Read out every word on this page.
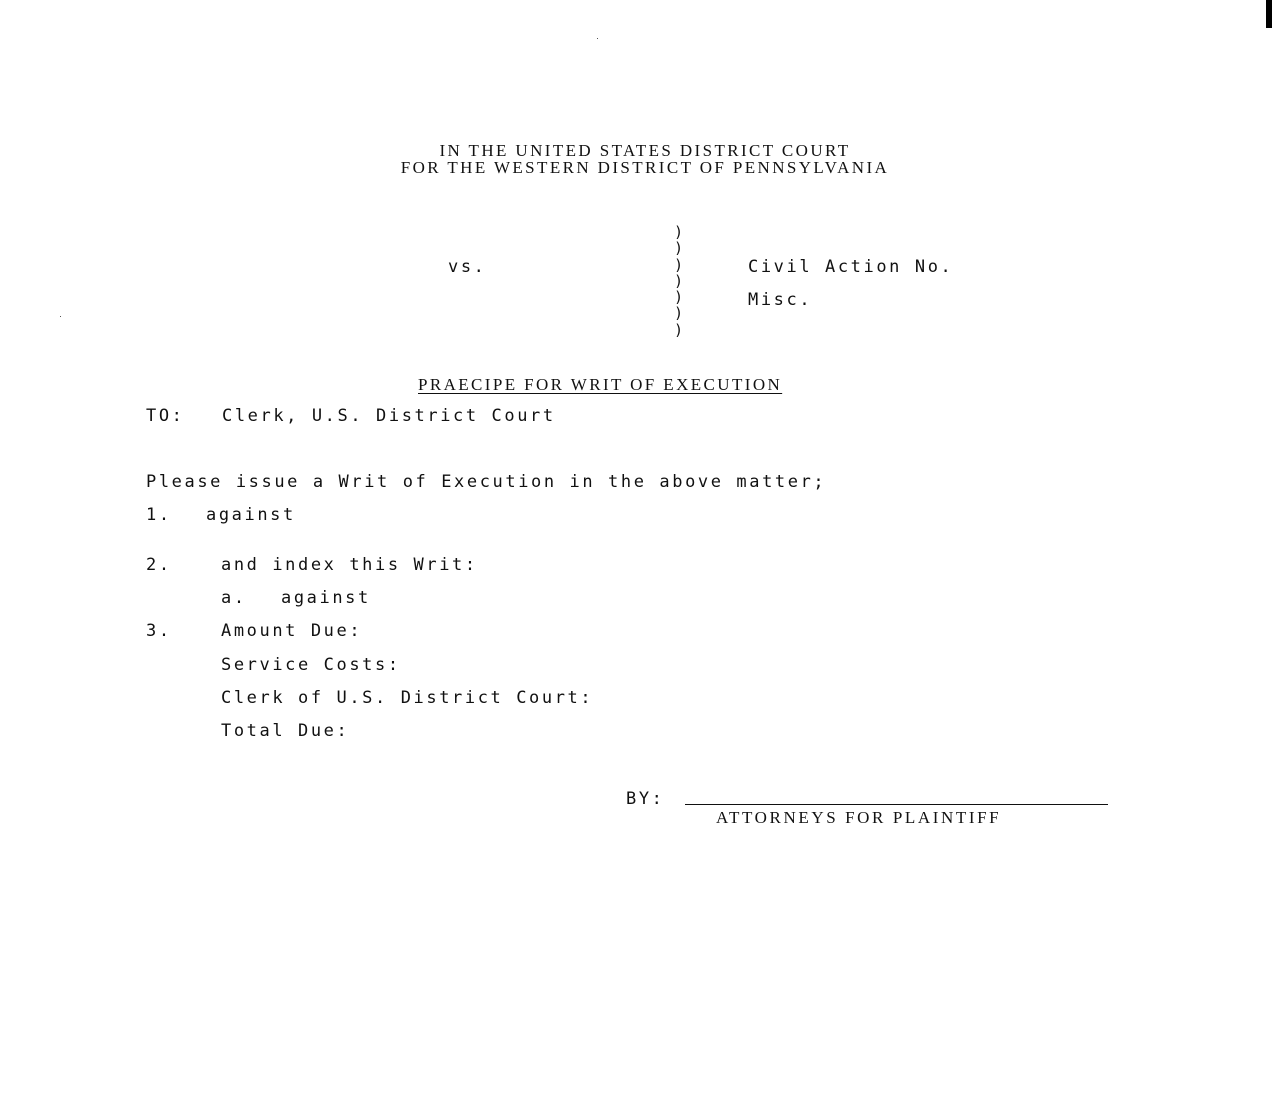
IN THE UNITED STATES DISTRICT COURT
FOR THE WESTERN DISTRICT OF PENNSYLVANIA
vs.
)
)
)
)
)
)
)
Civil Action No.
Misc.
PRAECIPE FOR WRIT OF EXECUTION
TO: Clerk, U.S. District Court
Please issue a Writ of Execution in the above matter;
1. against
2.	and index this Writ:
a. against
3.	Amount Due:
Service Costs:
Clerk of U.S. District Court:
Total Due:
BY:
ATTORNEYS FOR PLAINTIFF
